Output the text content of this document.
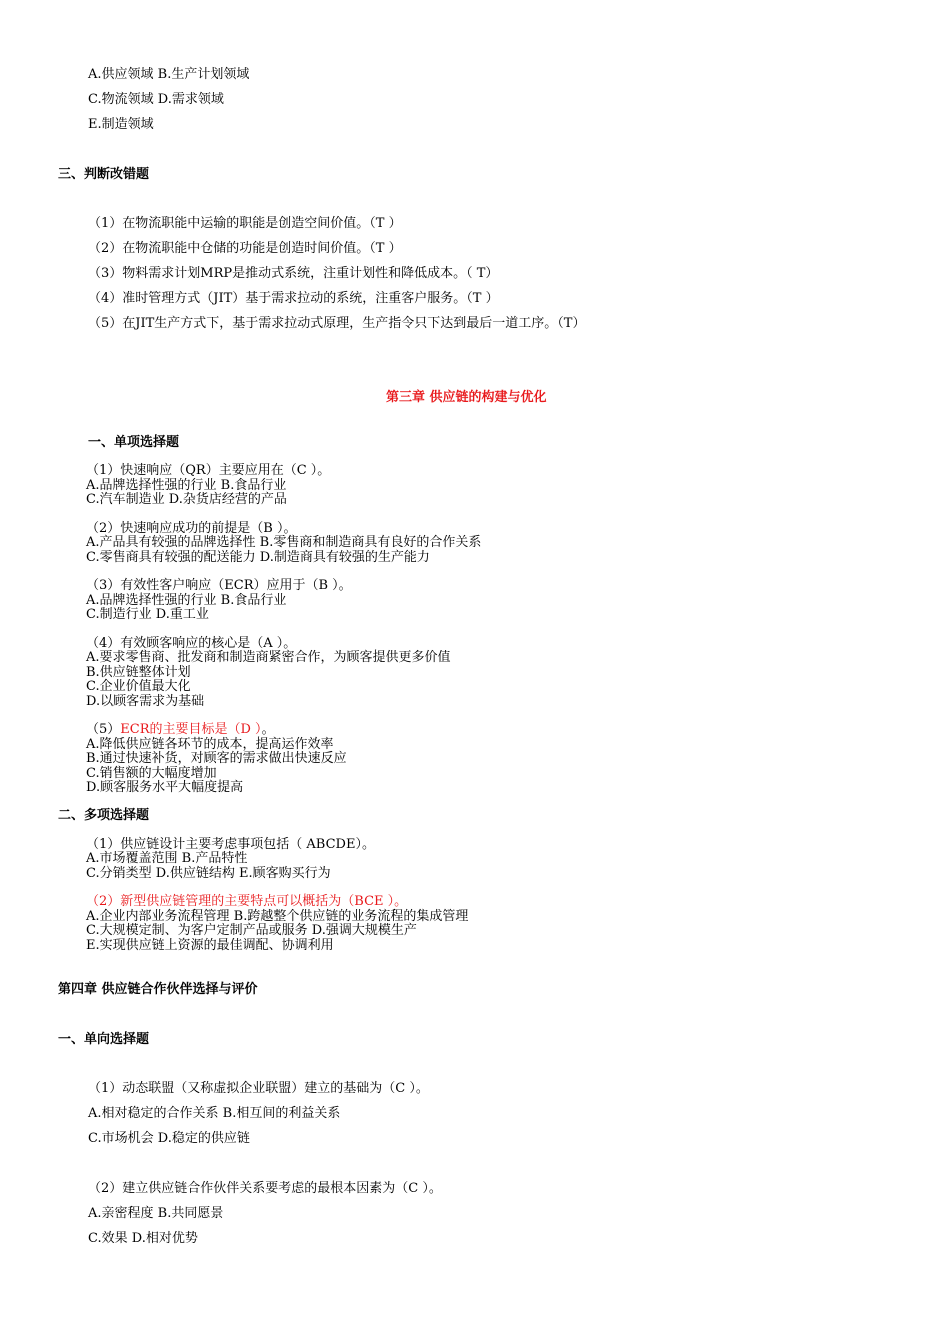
A.供应领域 B.生产计划领域
C.物流领域 D.需求领域
E.制造领域
三、判断改错题
（1）在物流职能中运输的职能是创造空间价值。（T ）
（2）在物流职能中仓储的功能是创造时间价值。（T ）
（3）物料需求计划MRP是推动式系统，注重计划性和降低成本。（ T）
（4）准时管理方式（JIT）基于需求拉动的系统，注重客户服务。（T ）
（5）在JIT生产方式下，基于需求拉动式原理，生产指令只下达到最后一道工序。（T）
第三章 供应链的构建与优化
一、单项选择题
（1）快速响应（QR）主要应用在（C ）。
A.品牌选择性强的行业 B.食品行业
C.汽车制造业 D.杂货店经营的产品
（2）快速响应成功的前提是（B ）。
A.产品具有较强的品牌选择性 B.零售商和制造商具有良好的合作关系
C.零售商具有较强的配送能力 D.制造商具有较强的生产能力
（3）有效性客户响应（ECR）应用于（B ）。
A.品牌选择性强的行业 B.食品行业
C.制造行业 D.重工业
（4）有效顾客响应的核心是（A ）。
A.要求零售商、批发商和制造商紧密合作，为顾客提供更多价值
B.供应链整体计划
C.企业价值最大化
D.以顾客需求为基础
（5）ECR的主要目标是（D ）。
A.降低供应链各环节的成本，提高运作效率
B.通过快速补货，对顾客的需求做出快速反应
C.销售额的大幅度增加
D.顾客服务水平大幅度提高
二、多项选择题
（1）供应链设计主要考虑事项包括（ ABCDE）。
A.市场覆盖范围 B.产品特性
C.分销类型 D.供应链结构 E.顾客购买行为
（2）新型供应链管理的主要特点可以概括为（BCE ）。
A.企业内部业务流程管理 B.跨越整个供应链的业务流程的集成管理
C.大规模定制、为客户定制产品或服务 D.强调大规模生产
E.实现供应链上资源的最佳调配、协调利用
第四章 供应链合作伙伴选择与评价
一、单向选择题
（1）动态联盟（又称虚拟企业联盟）建立的基础为（C ）。
A.相对稳定的合作关系 B.相互间的利益关系
C.市场机会 D.稳定的供应链
（2）建立供应链合作伙伴关系要考虑的最根本因素为（C ）。
A.亲密程度 B.共同愿景
C.效果 D.相对优势
